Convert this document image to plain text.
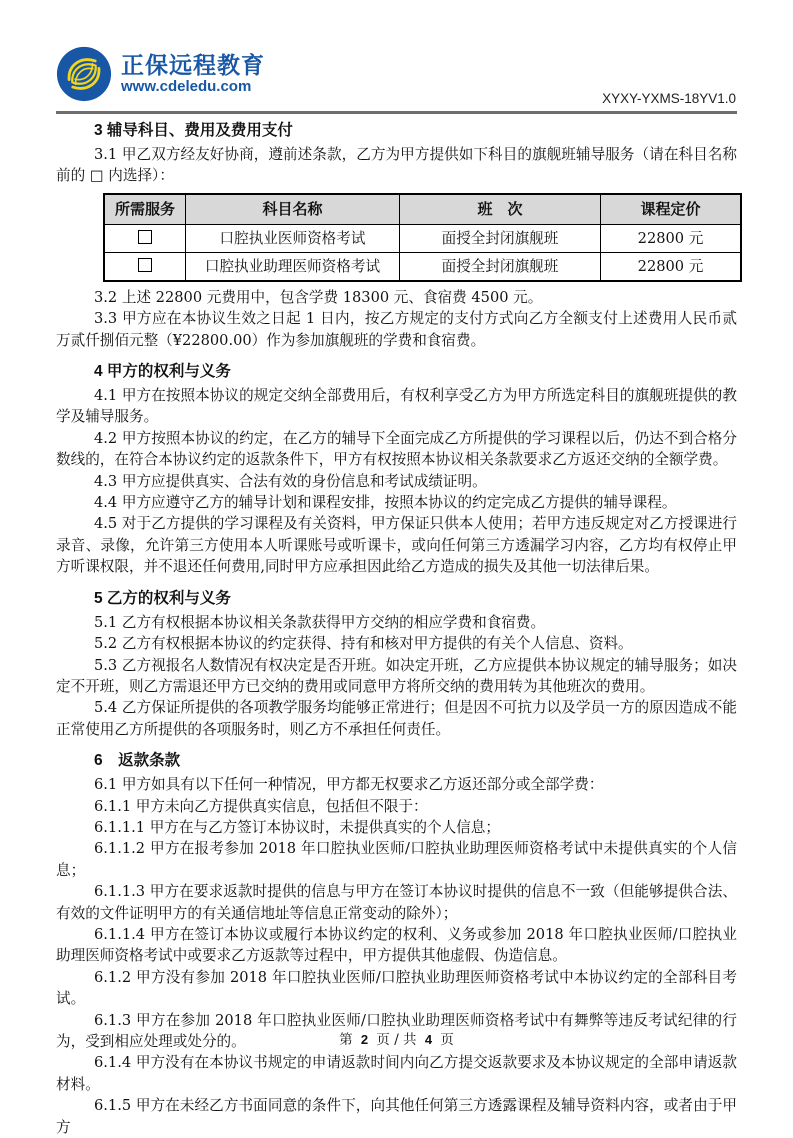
正保远程教育
www.cdeledu.com
XYXY-YXMS-18YV1.0
3 辅导科目、费用及费用支付

3.1 甲乙双方经友好协商，遵前述条款，乙方为甲方提供如下科目的旗舰班辅导服务（请在科目名称前的 □ 内选择）：

所需服务	科目名称	班　次	课程定价
	口腔执业医师资格考试	面授全封闭旗舰班	22800 元
	口腔执业助理医师资格考试	面授全封闭旗舰班	22800 元

3.2 上述 22800 元费用中，包含学费 18300 元、食宿费 4500 元。

3.3 甲方应在本协议生效之日起 1 日内，按乙方规定的支付方式向乙方全额支付上述费用人民币贰万贰仟捌佰元整（¥22800.00）作为参加旗舰班的学费和食宿费。

4 甲方的权利与义务

4.1 甲方在按照本协议的规定交纳全部费用后，有权利享受乙方为甲方所选定科目的旗舰班提供的教学及辅导服务。

4.2 甲方按照本协议的约定，在乙方的辅导下全面完成乙方所提供的学习课程以后，仍达不到合格分数线的，在符合本协议约定的返款条件下，甲方有权按照本协议相关条款要求乙方返还交纳的全额学费。

4.3 甲方应提供真实、合法有效的身份信息和考试成绩证明。

4.4 甲方应遵守乙方的辅导计划和课程安排，按照本协议的约定完成乙方提供的辅导课程。

4.5 对于乙方提供的学习课程及有关资料，甲方保证只供本人使用；若甲方违反规定对乙方授课进行录音、录像，允许第三方使用本人听课账号或听课卡，或向任何第三方透漏学习内容，乙方均有权停止甲方听课权限，并不退还任何费用,同时甲方应承担因此给乙方造成的损失及其他一切法律后果。

5 乙方的权利与义务

5.1 乙方有权根据本协议相关条款获得甲方交纳的相应学费和食宿费。

5.2 乙方有权根据本协议的约定获得、持有和核对甲方提供的有关个人信息、资料。

5.3 乙方视报名人数情况有权决定是否开班。如决定开班，乙方应提供本协议规定的辅导服务；如决定不开班，则乙方需退还甲方已交纳的费用或同意甲方将所交纳的费用转为其他班次的费用。

5.4 乙方保证所提供的各项教学服务均能够正常进行；但是因不可抗力以及学员一方的原因造成不能正常使用乙方所提供的各项服务时，则乙方不承担任何责任。

6　返款条款

6.1 甲方如具有以下任何一种情况，甲方都无权要求乙方返还部分或全部学费：

6.1.1 甲方未向乙方提供真实信息，包括但不限于：

6.1.1.1 甲方在与乙方签订本协议时，未提供真实的个人信息；

6.1.1.2 甲方在报考参加 2018 年口腔执业医师/口腔执业助理医师资格考试中未提供真实的个人信息；

6.1.1.3 甲方在要求返款时提供的信息与甲方在签订本协议时提供的信息不一致（但能够提供合法、有效的文件证明甲方的有关通信地址等信息正常变动的除外）；

6.1.1.4 甲方在签订本协议或履行本协议约定的权利、义务或参加 2018 年口腔执业医师/口腔执业助理医师资格考试中或要求乙方返款等过程中，甲方提供其他虚假、伪造信息。

6.1.2 甲方没有参加 2018 年口腔执业医师/口腔执业助理医师资格考试中本协议约定的全部科目考试。

6.1.3 甲方在参加 2018 年口腔执业医师/口腔执业助理医师资格考试中有舞弊等违反考试纪律的行为，受到相应处理或处分的。

6.1.4 甲方没有在本协议书规定的申请返款时间内向乙方提交返款要求及本协议规定的全部申请返款材料。

6.1.5 甲方在未经乙方书面同意的条件下，向其他任何第三方透露课程及辅导资料内容，或者由于甲方

第 2 页 / 共 4 页
